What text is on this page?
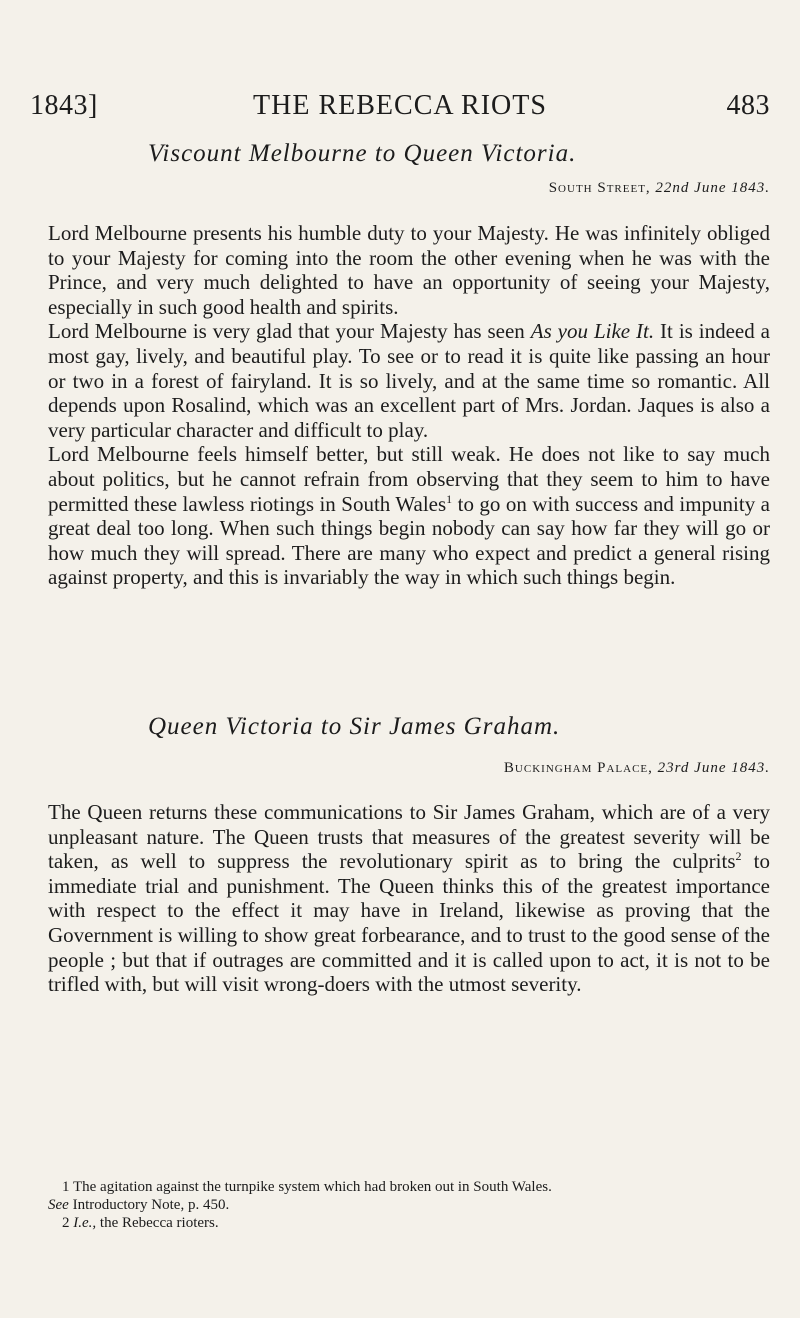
1843]	THE REBECCA RIOTS	483
Viscount Melbourne to Queen Victoria.
South Street, 22nd June 1843.

Lord Melbourne presents his humble duty to your Majesty. He was infinitely obliged to your Majesty for coming into the room the other evening when he was with the Prince, and very much delighted to have an opportunity of seeing your Majesty, especially in such good health and spirits.

Lord Melbourne is very glad that your Majesty has seen As you Like It. It is indeed a most gay, lively, and beautiful play. To see or to read it is quite like passing an hour or two in a forest of fairyland. It is so lively, and at the same time so romantic. All depends upon Rosalind, which was an excellent part of Mrs. Jordan. Jaques is also a very particular character and difficult to play.

Lord Melbourne feels himself better, but still weak. He does not like to say much about politics, but he cannot refrain from observing that they seem to him to have permitted these lawless riotings in South Wales$^1$ to go on with success and impunity a great deal too long. When such things begin nobody can say how far they will go or how much they will spread. There are many who expect and predict a general rising against property, and this is invariably the way in which such things begin.

Queen Victoria to Sir James Graham.
Buckingham Palace, 23rd June 1843.

The Queen returns these communications to Sir James Graham, which are of a very unpleasant nature. The Queen trusts that measures of the greatest severity will be taken, as well to suppress the revolutionary spirit as to bring the culprits$^2$ to immediate trial and punishment. The Queen thinks this of the greatest importance with respect to the effect it may have in Ireland, likewise as proving that the Government is willing to show great forbearance, and to trust to the good sense of the people ; but that if outrages are committed and it is called upon to act, it is not to be trifled with, but will visit wrong-doers with the utmost severity.

1 The agitation against the turnpike system which had broken out in South Wales.

See Introductory Note, p. 450.

2 I.e., the Rebecca rioters.
